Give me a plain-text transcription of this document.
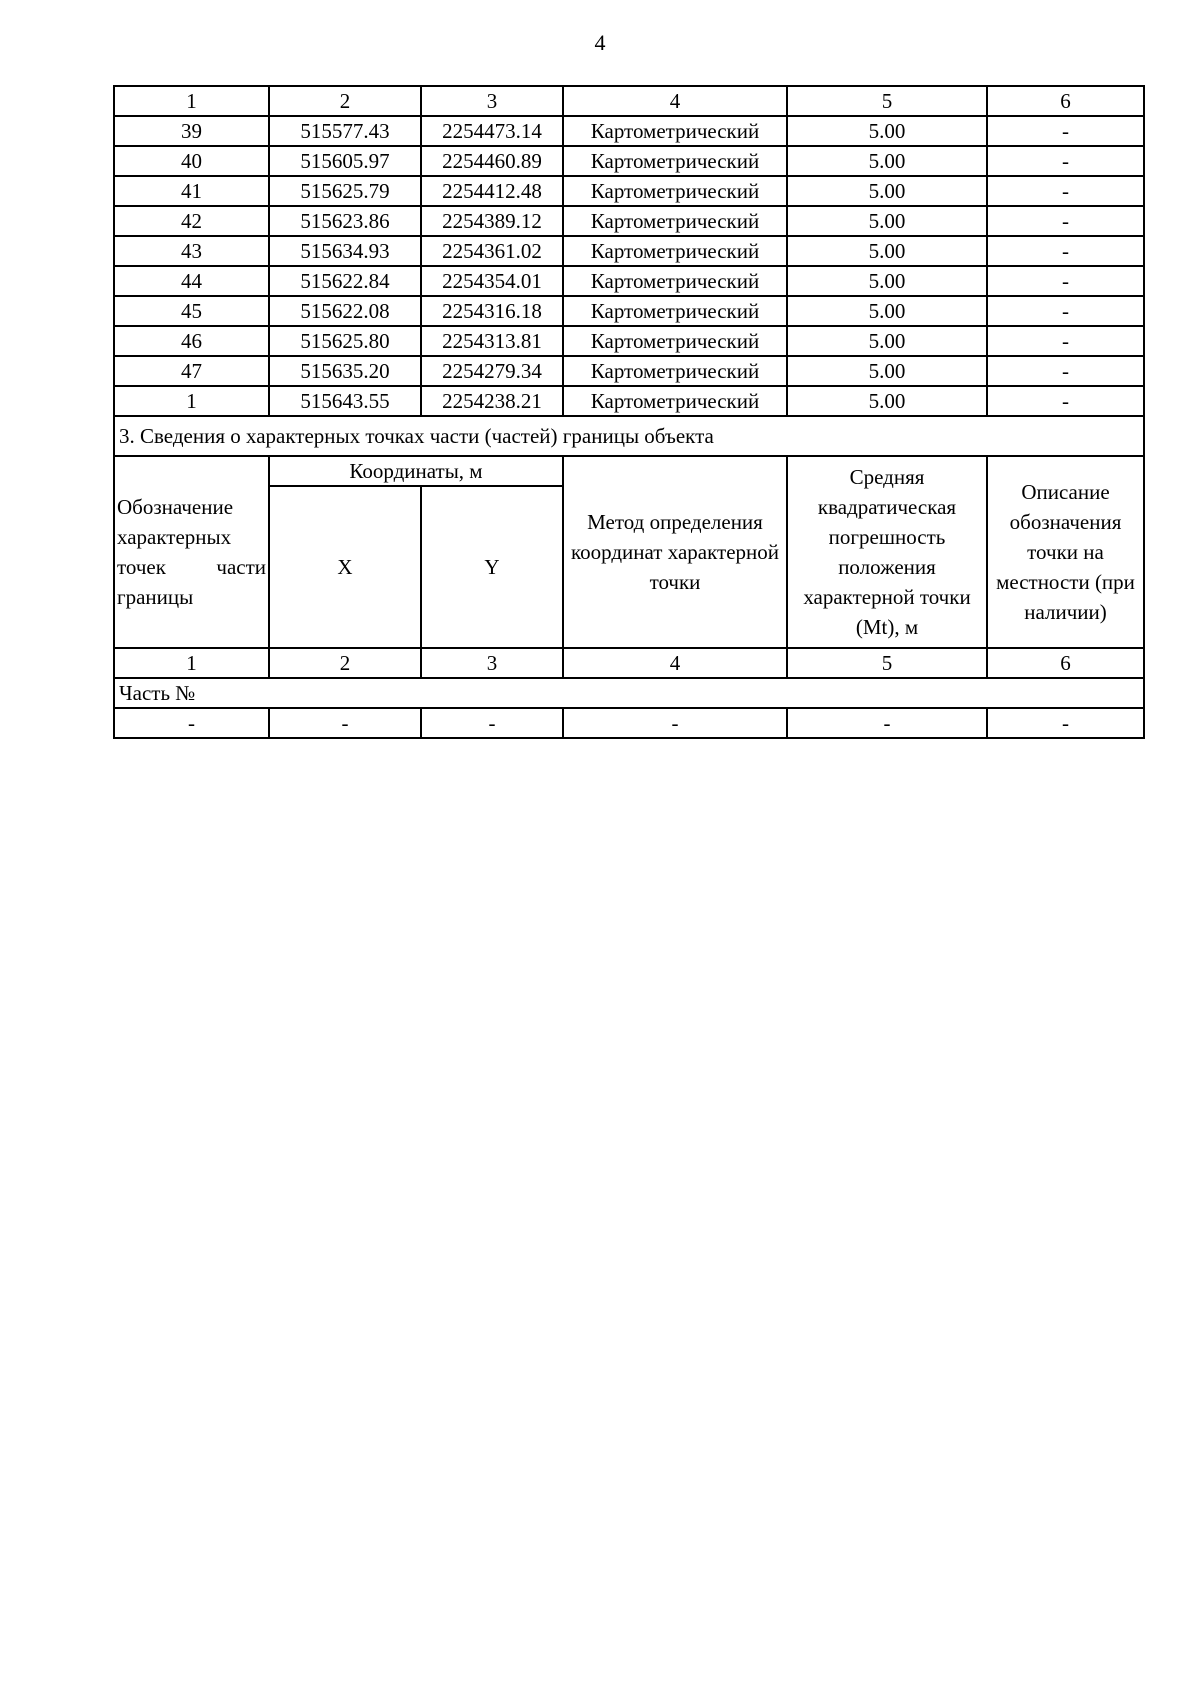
4
1	2	3	4	5	6
39	515577.43	2254473.14	Картометрический	5.00	-
40	515605.97	2254460.89	Картометрический	5.00	-
41	515625.79	2254412.48	Картометрический	5.00	-
42	515623.86	2254389.12	Картометрический	5.00	-
43	515634.93	2254361.02	Картометрический	5.00	-
44	515622.84	2254354.01	Картометрический	5.00	-
45	515622.08	2254316.18	Картометрический	5.00	-
46	515625.80	2254313.81	Картометрический	5.00	-
47	515635.20	2254279.34	Картометрический	5.00	-
1	515643.55	2254238.21	Картометрический	5.00	-
3. Сведения о характерных точках части (частей) границы объекта					
Обозначение характерных точек части границы	Координаты, м		Метод определения координат характерной точки	Средняя квадратическая погрешность положения характерной точки (Mt), м	Описание обозначения точки на местности (при наличии)
	X	Y			
1	2	3	4	5	6
Часть №					
-	-	-	-	-	-
